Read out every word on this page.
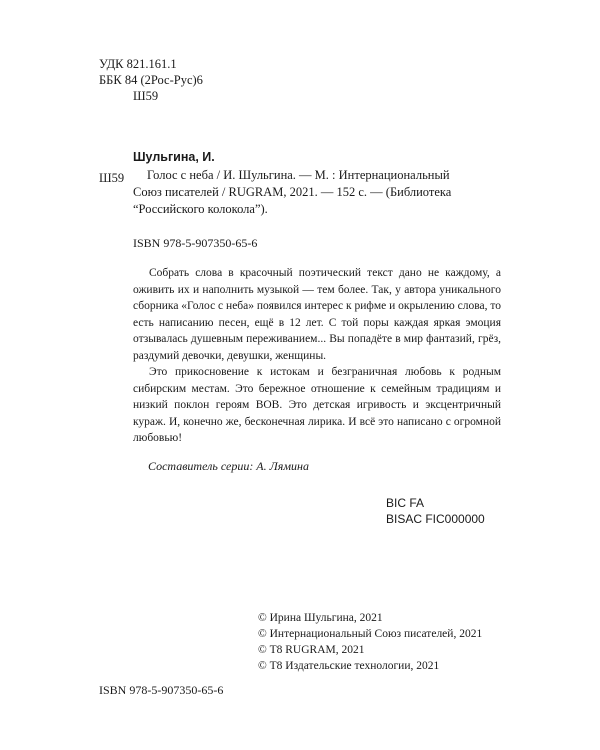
УДК 821.161.1
ББК 84 (2Рос-Рус)6
Ш59
Шульгина, И.
Ш59	Голос с неба / И. Шульгина. — М. : Интернациональный
Союз писателей / RUGRAM, 2021. — 152 с. — (Библиотека
“Российского колокола”).
ISBN 978-5-907350-65-6

Собрать слова в красочный поэтический текст дано не каждому, а оживить их и наполнить музыкой — тем более. Так, у автора уникального сборника «Голос с неба» появился интерес к рифме и окрылению слова, то есть написанию песен, ещё в 12 лет. С той поры каждая яркая эмоция отзывалась душевным переживанием... Вы попадёте в мир фантазий, грёз, раздумий девочки, девушки, женщины.

Это прикосновение к истокам и безграничная любовь к родным сибирским местам. Это бережное отношение к семейным традициям и низкий поклон героям ВОВ. Это детская игривость и эксцентричный кураж. И, конечно же, бесконечная лирика. И всё это написано с огромной любовью!

Составитель серии: А. Лямина
BIC FA
BISAC FIC000000
© Ирина Шульгина, 2021
© Интернациональный Союз писателей, 2021
© Т8 RUGRAM, 2021
© Т8 Издательские технологии, 2021
ISBN 978-5-907350-65-6
